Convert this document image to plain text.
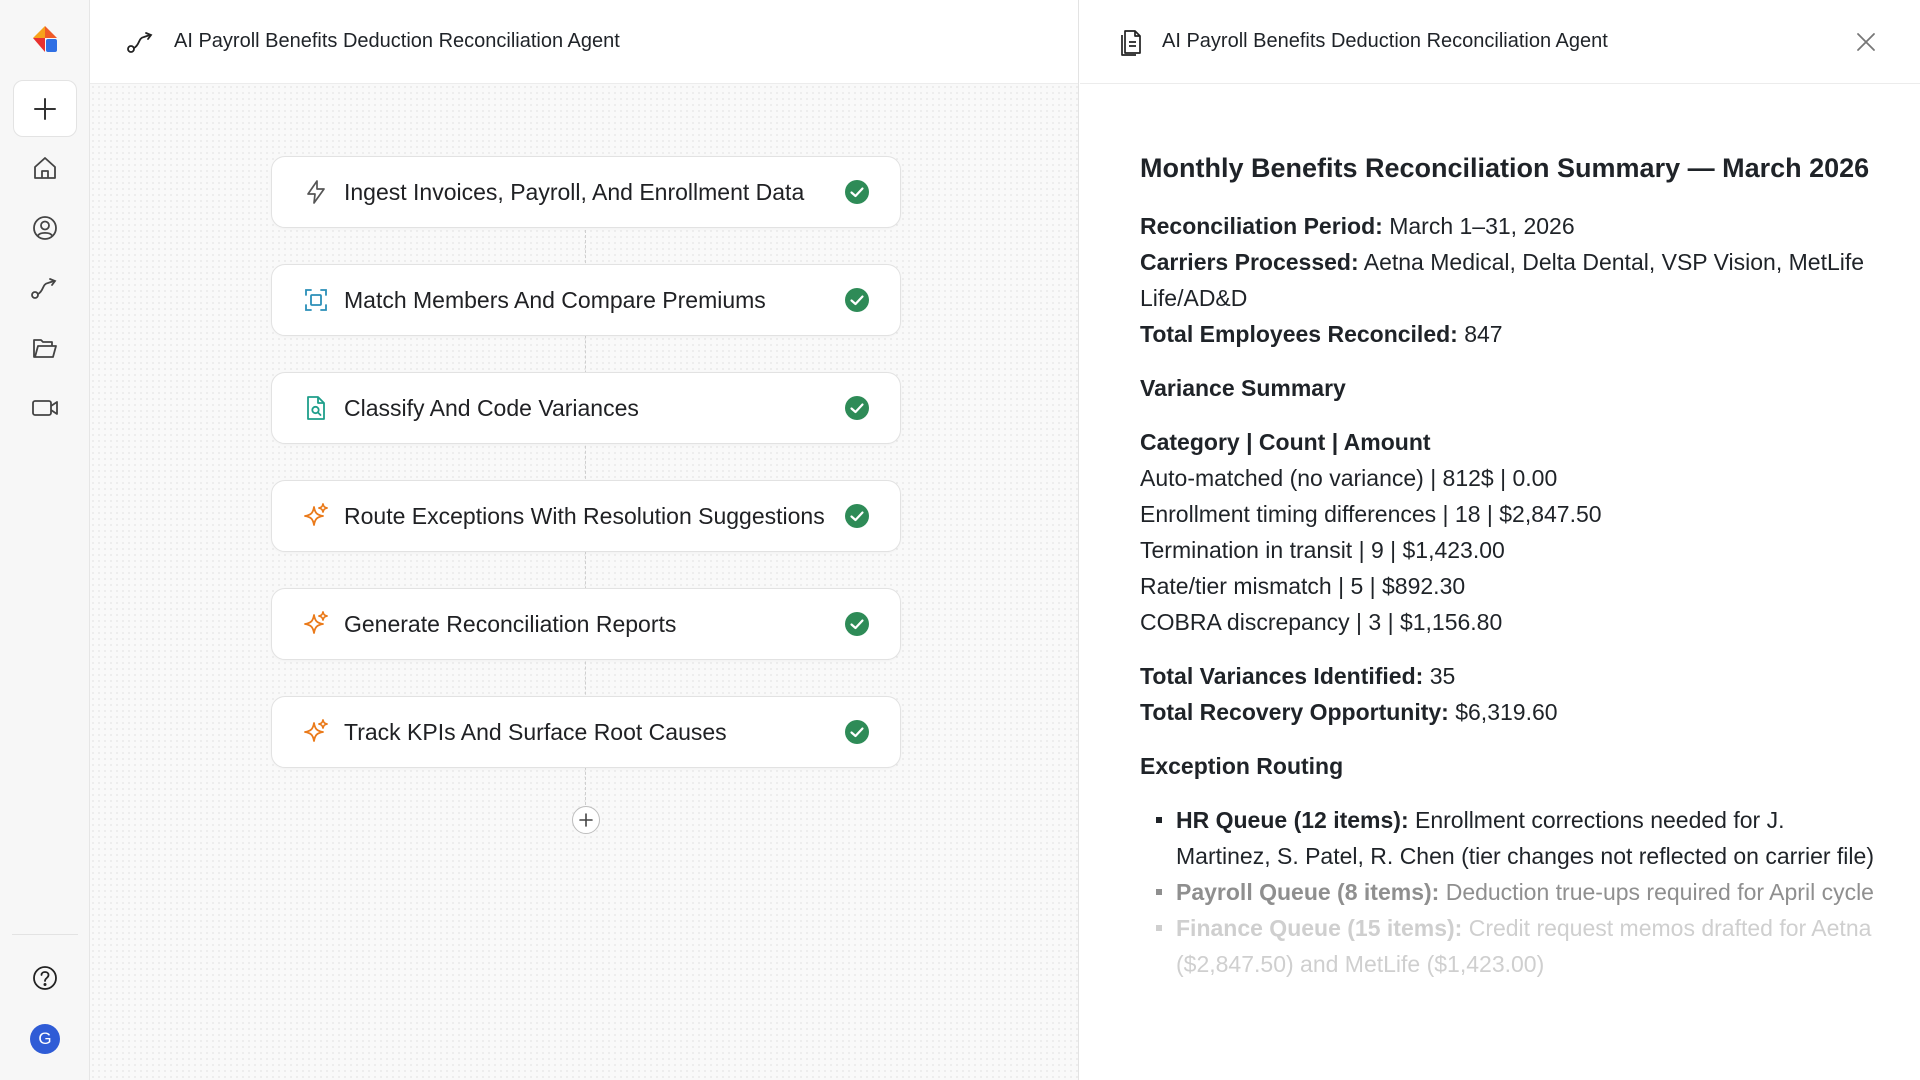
G
AI Payroll Benefits Deduction Reconciliation Agent
Ingest Invoices, Payroll, And Enrollment Data
Match Members And Compare Premiums
Classify And Code Variances
Route Exceptions With Resolution Suggestions
Generate Reconciliation Reports
Track KPIs And Surface Root Causes
AI Payroll Benefits Deduction Reconciliation Agent
Monthly Benefits Reconciliation Summary — March 2026
Reconciliation Period: March 1–31, 2026
Carriers Processed: Aetna Medical, Delta Dental, VSP Vision, MetLife Life/AD&D
Total Employees Reconciled: 847
Variance Summary
Category | Count | Amount
Auto-matched (no variance) | 812$ | 0.00
Enrollment timing differences | 18 | $2,847.50
Termination in transit | 9 | $1,423.00
Rate/tier mismatch | 5 | $892.30
COBRA discrepancy | 3 | $1,156.80
Total Variances Identified: 35
Total Recovery Opportunity: $6,319.60
Exception Routing
HR Queue (12 items): Enrollment corrections needed for J. Martinez, S. Patel, R. Chen (tier changes not reflected on carrier file)
Payroll Queue (8 items): Deduction true-ups required for April cycle
Finance Queue (15 items): Credit request memos drafted for Aetna ($2,847.50) and MetLife ($1,423.00)
